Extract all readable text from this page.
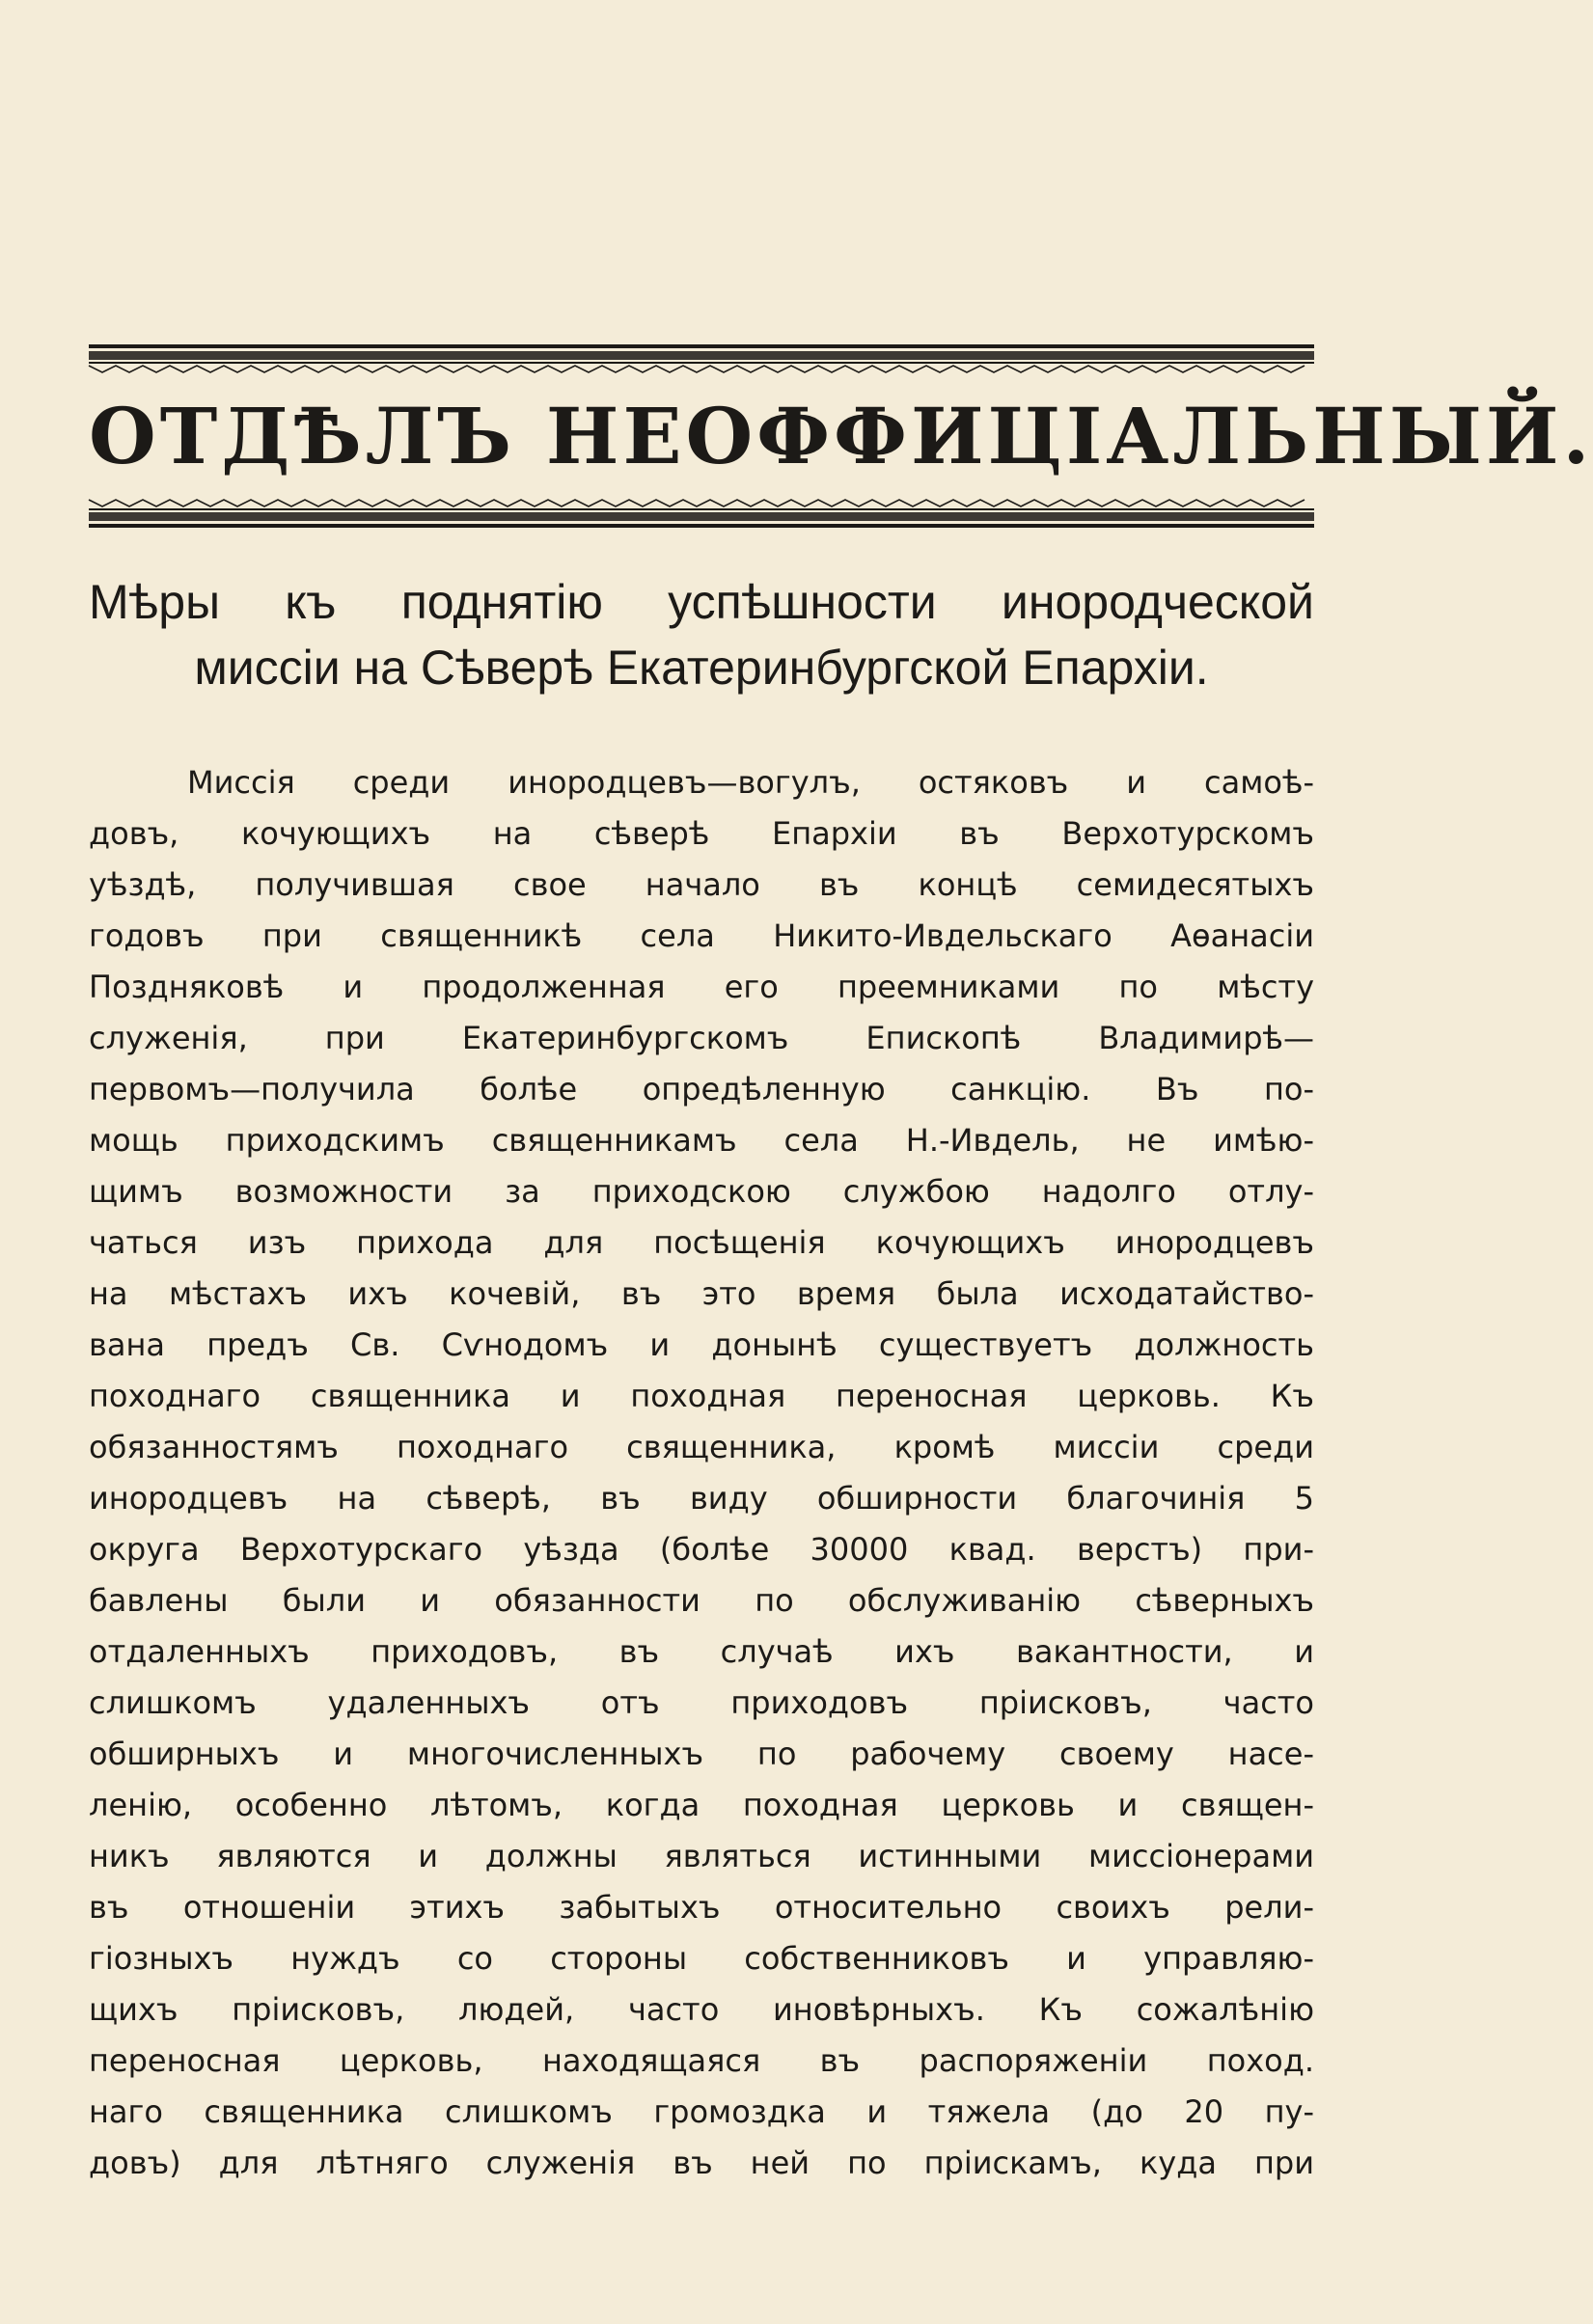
ОТДѢЛЪ НЕОФФИЦІАЛЬНЫЙ.
Мѣры къ поднятію успѣшности инородческой
миссіи на Сѣверѣ Екатеринбургской Епархіи.
Миссія среди инородцевъ—вогулъ, остяковъ и самоѣ-
довъ, кочующихъ на сѣверѣ Епархіи въ Верхотурскомъ
уѣздѣ, получившая свое начало въ концѣ семидесятыхъ
годовъ при священникѣ села Никито-Ивдельскаго Аѳанасіи
Поздняковѣ и продолженная его преемниками по мѣсту
служенія, при Екатеринбургскомъ Епископѣ Владимирѣ—
первомъ—получила болѣе опредѣленную санкцію. Въ по-
мощь приходскимъ священникамъ села Н.-Ивдель, не имѣю-
щимъ возможности за приходскою службою надолго отлу-
чаться изъ прихода для посѣщенія кочующихъ инородцевъ
на мѣстахъ ихъ кочевій, въ это время была исходатайство-
вана предъ Св. Сѵнодомъ и донынѣ существуетъ должность
походнаго священника и походная переносная церковь. Къ
обязанностямъ походнаго священника, кромѣ миссіи среди
инородцевъ на сѣверѣ, въ виду обширности благочинія 5
округа Верхотурскаго уѣзда (болѣе 30000 квад. верстъ) при-
бавлены были и обязанности по обслуживанію сѣверныхъ
отдаленныхъ приходовъ, въ случаѣ ихъ вакантности, и
слишкомъ удаленныхъ отъ приходовъ пріисковъ, часто
обширныхъ и многочисленныхъ по рабочему своему насе-
ленію, особенно лѣтомъ, когда походная церковь и священ-
никъ являются и должны являться истинными миссіонерами
въ отношеніи этихъ забытыхъ относительно своихъ рели-
гіозныхъ нуждъ со стороны собственниковъ и управляю-
щихъ пріисковъ, людей, часто иновѣрныхъ. Къ сожалѣнію
переносная церковь, находящаяся въ распоряженіи поход.
наго священника слишкомъ громоздка и тяжела (до 20 пу-
довъ) для лѣтняго служенія въ ней по пріискамъ, куда при
